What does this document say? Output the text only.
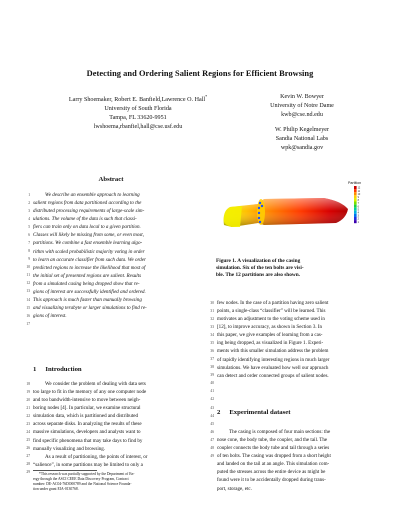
Detecting and Ordering Salient Regions for Efficient Browsing
Larry Shoemaker, Robert E. Banfield,Lawrence O. Hall*
University of South Florida
Tampa, FL 33620-9951
lwshoema,rbanfiel,hall@cse.usf.edu
Kevin W. Bowyer
University of Notre Dame
kwb@cse.nd.edu
W. Philip Kegelmeyer
Sandia National Labs
wpk@sandia.gov
Abstract
1
2
3
4
5
6
7
8
9
10
11
12
13
14
15
16
17
We describe an ensemble approach to learning
salient regions from data partitioned according to the
distributed processing requirements of large-scale sim-
ulations. The volume of the data is such that classi-
fiers can train only on data local to a given partition.
Classes will likely be missing from some, or even most,
partitions. We combine a fast ensemble learning algo-
rithm with scaled probabilistic majority voting in order
to learn an accurate classifier from such data. We order
predicted regions to increase the likelihood that most of
the initial set of presented regions are salient. Results
from a simulated casing being dropped show that re-
gions of interest are successfully identified and ordered.
This approach is much faster than manually browsing
and visualizing terabyte or larger simulations to find re-
gions of interest.
1 Introduction
18
19
20
21
22
23
24
25
26
27
28
29
We consider the problem of dealing with data sets
too large to fit in the memory of any one computer node
and too bandwidth-intensive to move between neigh-
boring nodes [4]. In particular, we examine structural
simulation data, which is partitioned and distributed
across separate disks. In analyzing the results of these
massive simulations, developers and analysts want to
find specific phenomena that may take days to find by
manually visualizing and browsing.
As a result of partitioning, the points of interest, or
“salience”, in some partitions may be limited to only a
*This research was partially supported by the Department of En-
ergy through the ASCI CEEE Data Discovery Program, Contract
number: DE-AC04-76DO00789 and the National Science Founda-
tion under grant EIA-0130768.
Partition
12
11
10
9
8
7
6
5
4
3
2
1
Figure 1. A visualization of the casing
simulation. Six of the ten bolts are visi-
ble. The 12 partitions are also shown.
30
31
32
33
34
35
36
37
38
39
40
41
42
43
44
45
46
47
48
49
few nodes. In the case of a partition having zero salient
points, a single-class “classifier” will be learned. This
motivates an adjustment to the voting scheme used in
[12], to improve accuracy, as shown in Section 3. In
this paper, we give examples of learning from a cas-
ing being dropped, as visualized in Figure 1. Experi-
ments with this smaller simulation address the problem
of rapidly identifying interesting regions in much larger
simulations. We have evaluated how well our approach
can detect and order connected groups of salient nodes.
2 Experimental dataset
The casing is composed of four main sections: the
nose cone, the body tube, the coupler, and the tail. The
coupler connects the body tube and tail through a series
of ten bolts. The casing was dropped from a short height
and landed on the tail at an angle. This simulation com-
puted the stresses across the entire device as might be
found were it to be accidentally dropped during trans-
port, storage, etc.
